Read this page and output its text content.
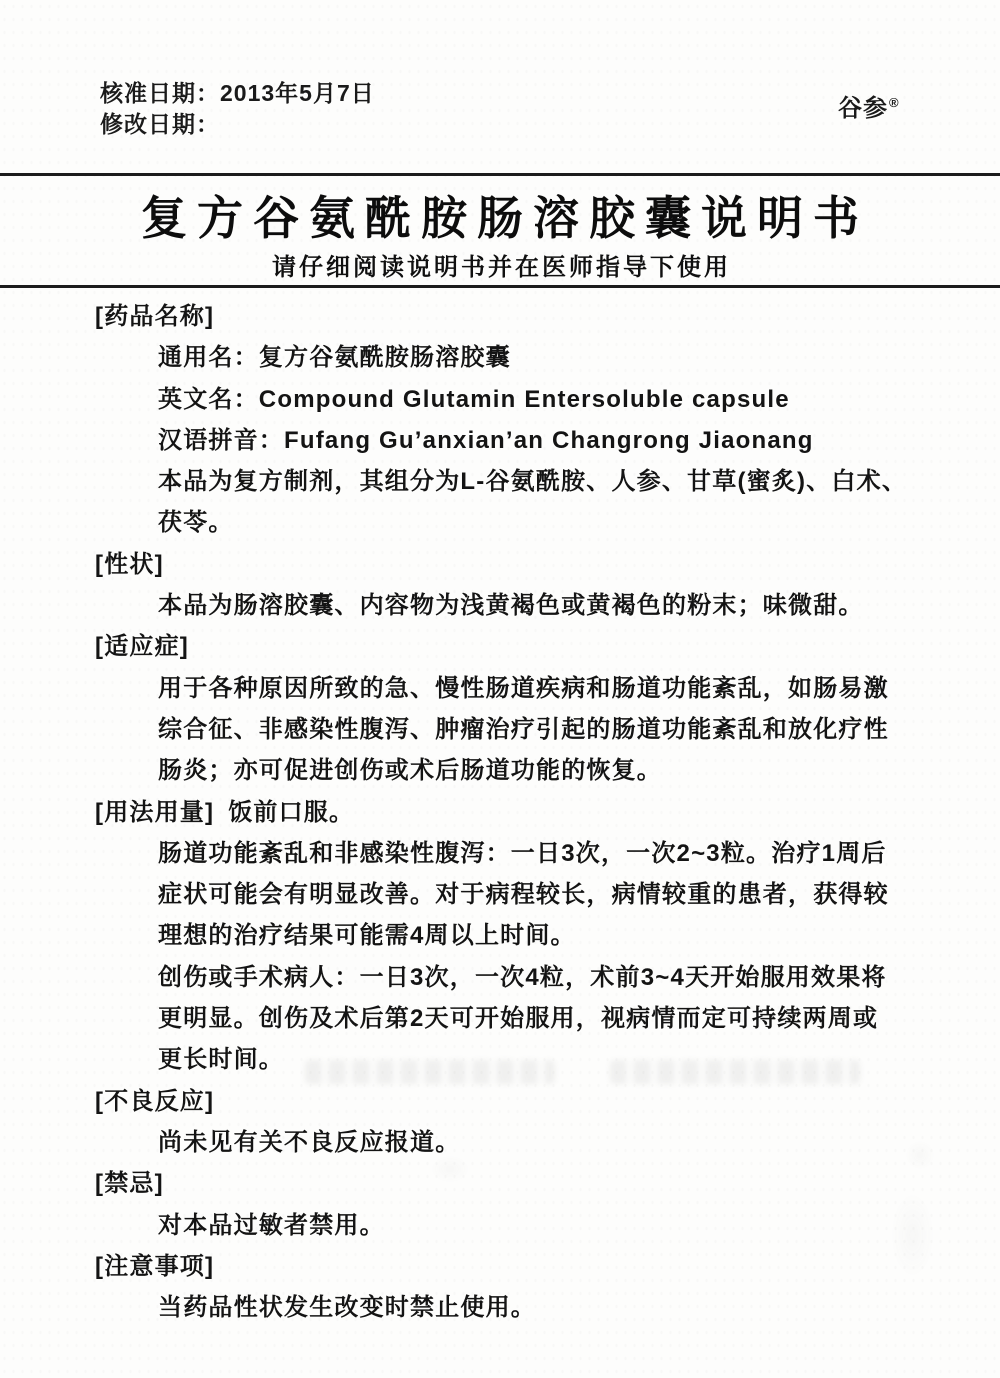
核准日期：2013年5月7日
修改日期：
谷参®
复方谷氨酰胺肠溶胶囊说明书
请仔细阅读说明书并在医师指导下使用
[药品名称]
通用名：复方谷氨酰胺肠溶胶囊
英文名：Compound Glutamin Entersoluble capsule
汉语拼音：Fufang Gu’anxian’an Changrong Jiaonang
本品为复方制剂，其组分为L-谷氨酰胺、人参、甘草(蜜炙)、白术、
茯苓。
[性状]
本品为肠溶胶囊、内容物为浅黄褐色或黄褐色的粉末；味微甜。
[适应症]
用于各种原因所致的急、慢性肠道疾病和肠道功能紊乱，如肠易激
综合征、非感染性腹泻、肿瘤治疗引起的肠道功能紊乱和放化疗性
肠炎；亦可促进创伤或术后肠道功能的恢复。
[用法用量] 饭前口服。
肠道功能紊乱和非感染性腹泻：一日3次，一次2~3粒。治疗1周后
症状可能会有明显改善。对于病程较长，病情较重的患者，获得较
理想的治疗结果可能需4周以上时间。
创伤或手术病人：一日3次，一次4粒，术前3~4天开始服用效果将
更明显。创伤及术后第2天可开始服用，视病情而定可持续两周或
更长时间。
[不良反应]
尚未见有关不良反应报道。
[禁忌]
对本品过敏者禁用。
[注意事项]
当药品性状发生改变时禁止使用。
